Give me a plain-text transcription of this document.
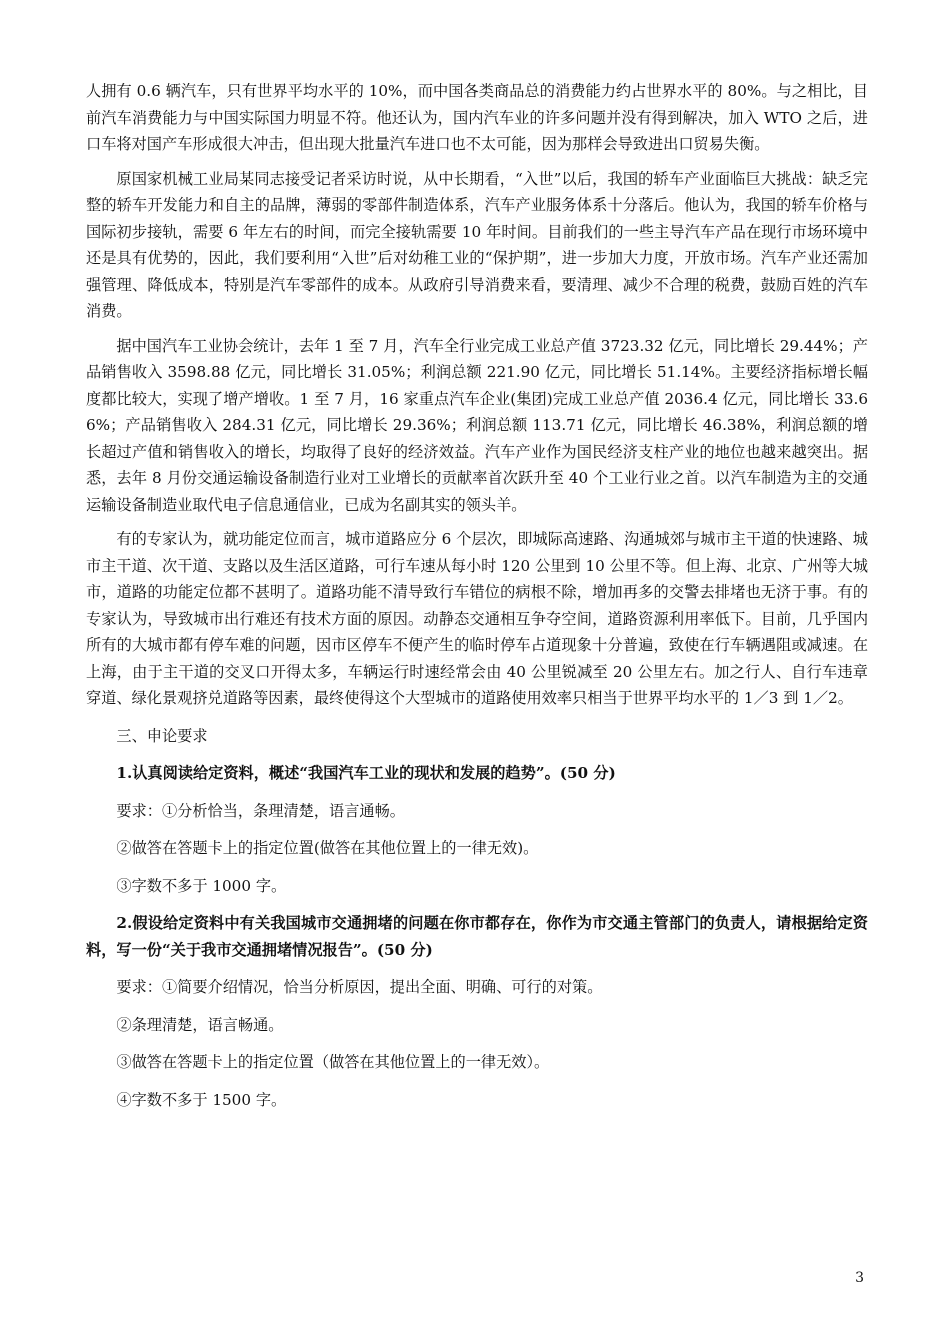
人拥有 0.6 辆汽车，只有世界平均水平的 10%，而中国各类商品总的消费能力约占世界水平的 80%。与之相比，目前汽车消费能力与中国实际国力明显不符。他还认为，国内汽车业的许多问题并没有得到解决，加入 WTO 之后，进口车将对国产车形成很大冲击，但出现大批量汽车进口也不太可能，因为那样会导致进出口贸易失衡。

原国家机械工业局某同志接受记者采访时说，从中长期看，“入世”以后，我国的轿车产业面临巨大挑战：缺乏完整的轿车开发能力和自主的品牌，薄弱的零部件制造体系，汽车产业服务体系十分落后。他认为，我国的轿车价格与国际初步接轨，需要 6 年左右的时间，而完全接轨需要 10 年时间。目前我们的一些主导汽车产品在现行市场环境中还是具有优势的，因此，我们要利用“入世”后对幼稚工业的“保护期”，进一步加大力度，开放市场。汽车产业还需加强管理、降低成本，特别是汽车零部件的成本。从政府引导消费来看，要清理、减少不合理的税费，鼓励百姓的汽车消费。

据中国汽车工业协会统计，去年 1 至 7 月，汽车全行业完成工业总产值 3723.32 亿元，同比增长 29.44%；产品销售收入 3598.88 亿元，同比增长 31.05%；利润总额 221.90 亿元，同比增长 51.14%。主要经济指标增长幅度都比较大，实现了增产增收。1 至 7 月，16 家重点汽车企业(集团)完成工业总产值 2036.4 亿元，同比增长 33.66%；产品销售收入 284.31 亿元，同比增长 29.36%；利润总额 113.71 亿元，同比增长 46.38%，利润总额的增长超过产值和销售收入的增长，均取得了良好的经济效益。汽车产业作为国民经济支柱产业的地位也越来越突出。据悉，去年 8 月份交通运输设备制造行业对工业增长的贡献率首次跃升至 40 个工业行业之首。以汽车制造为主的交通运输设备制造业取代电子信息通信业，已成为名副其实的领头羊。

有的专家认为，就功能定位而言，城市道路应分 6 个层次，即城际高速路、沟通城郊与城市主干道的快速路、城市主干道、次干道、支路以及生活区道路，可行车速从每小时 120 公里到 10 公里不等。但上海、北京、广州等大城市，道路的功能定位都不甚明了。道路功能不清导致行车错位的病根不除，增加再多的交警去排堵也无济于事。有的专家认为，导致城市出行难还有技术方面的原因。动静态交通相互争夺空间，道路资源利用率低下。目前，几乎国内所有的大城市都有停车难的问题，因市区停车不便产生的临时停车占道现象十分普遍，致使在行车辆遇阻或减速。在上海，由于主干道的交叉口开得太多，车辆运行时速经常会由 40 公里锐减至 20 公里左右。加之行人、自行车违章穿道、绿化景观挤兑道路等因素，最终使得这个大型城市的道路使用效率只相当于世界平均水平的 1／3 到 1／2。

三、申论要求

1.认真阅读给定资料，概述“我国汽车工业的现状和发展的趋势”。(50 分)

要求：①分析恰当，条理清楚，语言通畅。

②做答在答题卡上的指定位置(做答在其他位置上的一律无效)。

③字数不多于 1000 字。

2.假设给定资料中有关我国城市交通拥堵的问题在你市都存在，你作为市交通主管部门的负责人，请根据给定资料，写一份“关于我市交通拥堵情况报告”。(50 分)

要求：①简要介绍情况，恰当分析原因，提出全面、明确、可行的对策。

②条理清楚，语言畅通。

③做答在答题卡上的指定位置（做答在其他位置上的一律无效）。

④字数不多于 1500 字。

3
